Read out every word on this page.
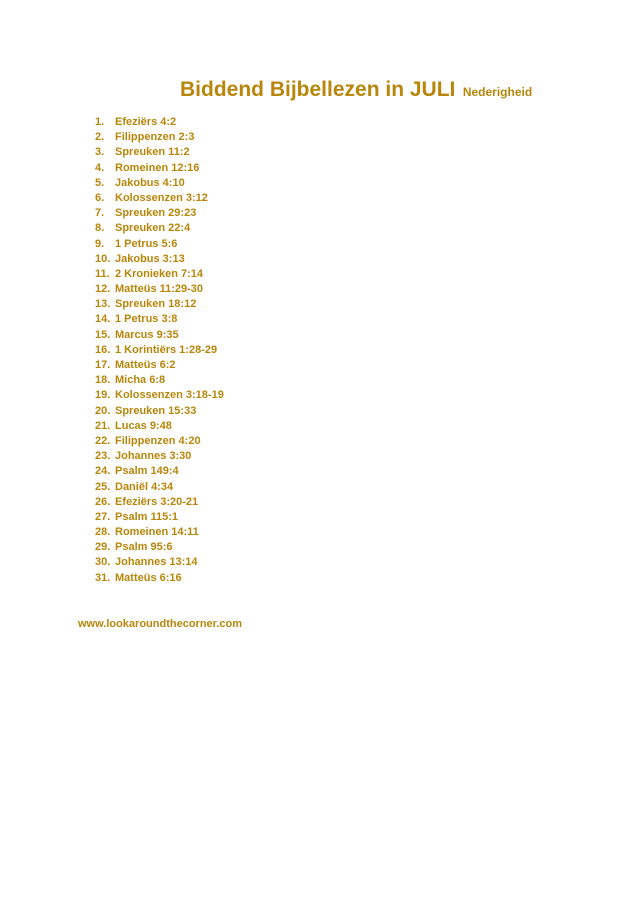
Biddend Bijbellezen in JULI Nederigheid
1. Efeziërs 4:2
2. Filippenzen 2:3
3. Spreuken 11:2
4. Romeinen 12:16
5. Jakobus 4:10
6. Kolossenzen 3:12
7. Spreuken 29:23
8. Spreuken 22:4
9. 1 Petrus 5:6
10. Jakobus 3:13
11. 2 Kronieken 7:14
12. Matteüs 11:29-30
13. Spreuken 18:12
14. 1 Petrus 3:8
15. Marcus 9:35
16. 1 Korintiërs 1:28-29
17. Matteüs 6:2
18. Micha 6:8
19. Kolossenzen 3:18-19
20. Spreuken 15:33
21. Lucas 9:48
22. Filippenzen 4:20
23. Johannes 3:30
24. Psalm 149:4
25. Daniël 4:34
26. Efeziërs 3:20-21
27. Psalm 115:1
28. Romeinen 14:11
29. Psalm 95:6
30. Johannes 13:14
31. Matteüs 6:16
www.lookaroundthecorner.com
